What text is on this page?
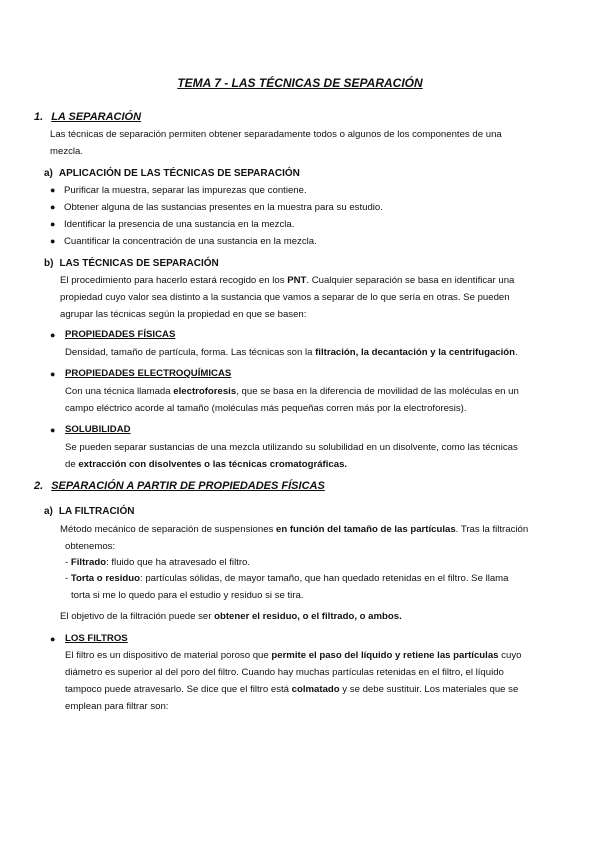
TEMA 7 - LAS TÉCNICAS DE SEPARACIÓN
1. LA SEPARACIÓN
Las técnicas de separación permiten obtener separadamente todos o algunos de los componentes de una
mezcla.
a) APLICACIÓN DE LAS TÉCNICAS DE SEPARACIÓN
● Purificar la muestra, separar las impurezas que contiene.
● Obtener alguna de las sustancias presentes en la muestra para su estudio.
● Identificar la presencia de una sustancia en la mezcla.
● Cuantificar la concentración de una sustancia en la mezcla.
b) LAS TÉCNICAS DE SEPARACIÓN
El procedimiento para hacerlo estará recogido en los PNT. Cualquier separación se basa en identificar una
propiedad cuyo valor sea distinto a la sustancia que vamos a separar de lo que sería en otras. Se pueden
agrupar las técnicas según la propiedad en que se basen:
● PROPIEDADES FÍSICAS
Densidad, tamaño de partícula, forma. Las técnicas son la filtración, la decantación y la centrifugación.
● PROPIEDADES ELECTROQUÍMICAS
Con una técnica llamada electroforesis, que se basa en la diferencia de movilidad de las moléculas en un
campo eléctrico acorde al tamaño (moléculas más pequeñas corren más por la electroforesis).
● SOLUBILIDAD
Se pueden separar sustancias de una mezcla utilizando su solubilidad en un disolvente, como las técnicas
de extracción con disolventes o las técnicas cromatográficas.
2. SEPARACIÓN A PARTIR DE PROPIEDADES FÍSICAS
a) LA FILTRACIÓN
Método mecánico de separación de suspensiones en función del tamaño de las partículas. Tras la filtración
obtenemos:
- Filtrado: fluido que ha atravesado el filtro.
- Torta o residuo: partículas sólidas, de mayor tamaño, que han quedado retenidas en el filtro. Se llama
torta si me lo quedo para el estudio y residuo si se tira.
El objetivo de la filtración puede ser obtener el residuo, o el filtrado, o ambos.
● LOS FILTROS
El filtro es un dispositivo de material poroso que permite el paso del líquido y retiene las partículas cuyo
diámetro es superior al del poro del filtro. Cuando hay muchas partículas retenidas en el filtro, el líquido
tampoco puede atravesarlo. Se dice que el filtro está colmatado y se debe sustituir. Los materiales que se
emplean para filtrar son:
